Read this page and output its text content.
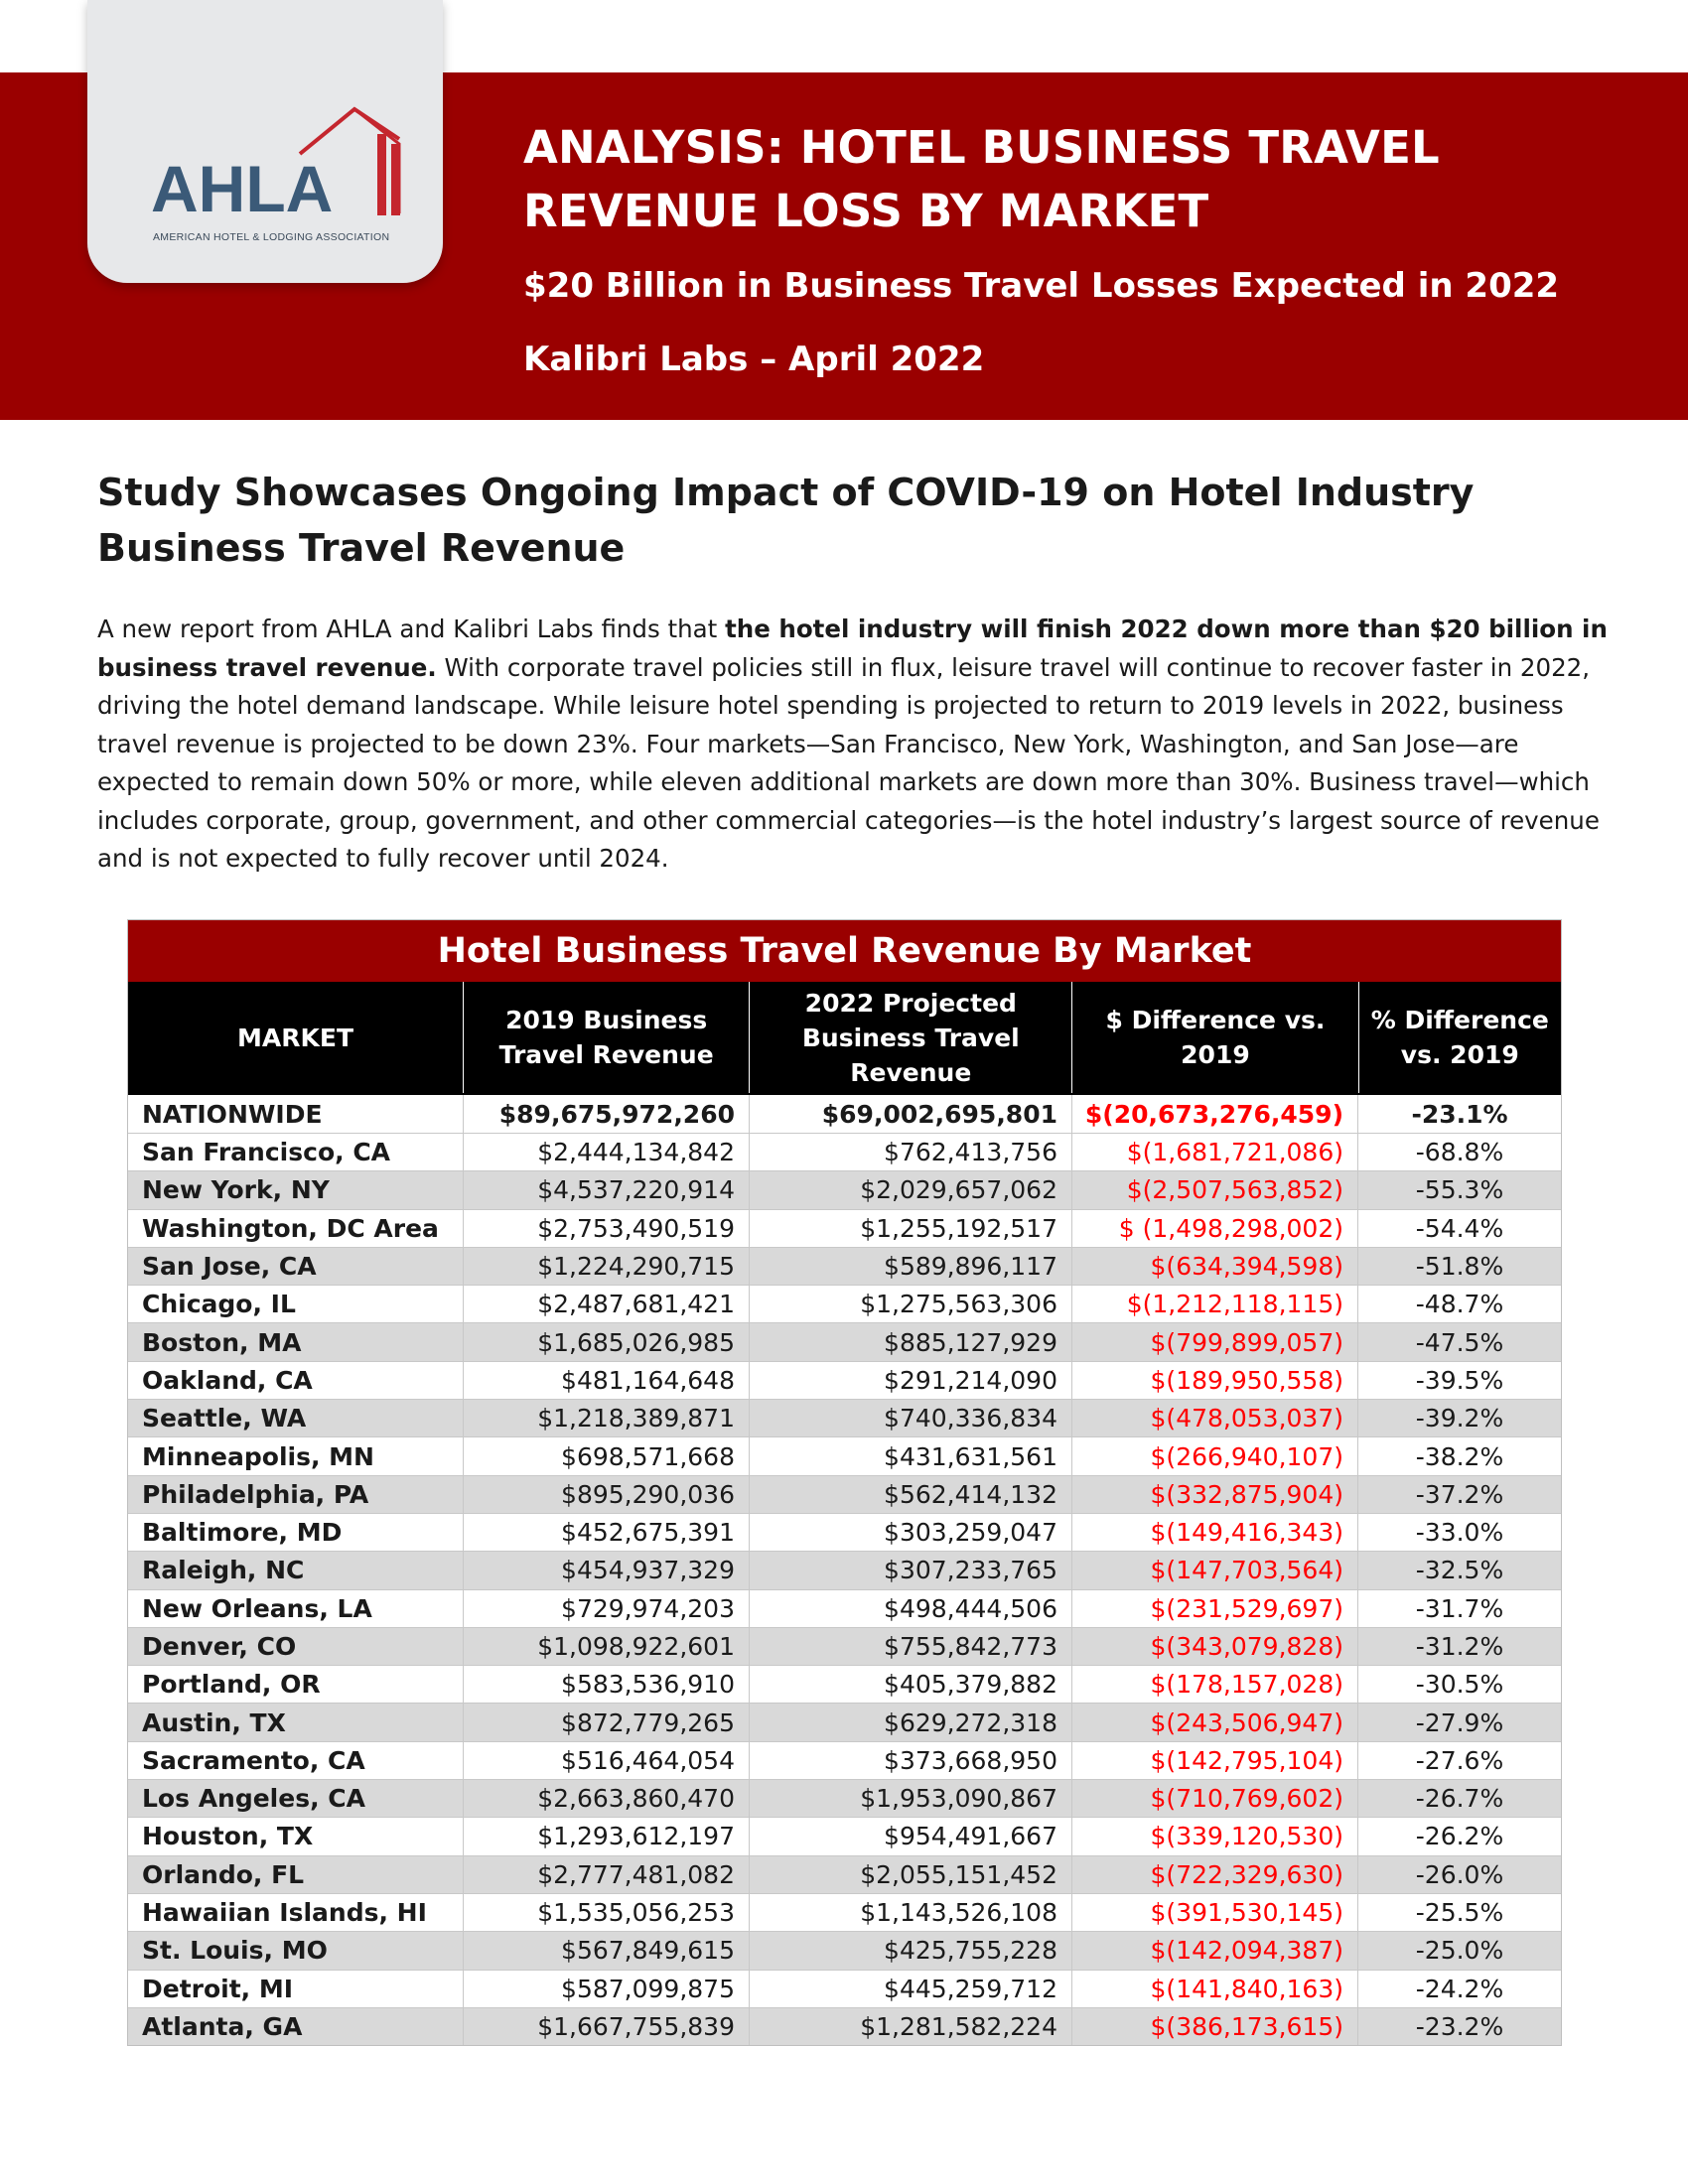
AHLA
AMERICAN HOTEL & LODGING ASSOCIATION
ANALYSIS: HOTEL BUSINESS TRAVEL
REVENUE LOSS BY MARKET
$20 Billion in Business Travel Losses Expected in 2022
Kalibri Labs – April 2022
Study Showcases Ongoing Impact of COVID-19 on Hotel Industry Business Travel Revenue
A new report from AHLA and Kalibri Labs finds that the hotel industry will finish 2022 down more than $20 billion in business travel revenue. With corporate travel policies still in flux, leisure travel will continue to recover faster in 2022, driving the hotel demand landscape. While leisure hotel spending is projected to return to 2019 levels in 2022, business travel revenue is projected to be down 23%. Four markets—San Francisco, New York, Washington, and San Jose—are expected to remain down 50% or more, while eleven additional markets are down more than 30%. Business travel—which includes corporate, group, government, and other commercial categories—is the hotel industry’s largest source of revenue and is not expected to fully recover until 2024.
Hotel Business Travel Revenue By Market
MARKET
2019 Business Travel Revenue
2022 Projected Business Travel Revenue
$ Difference vs. 2019
% Difference vs. 2019
NATIONWIDE	$89,675,972,260	$69,002,695,801	$(20,673,276,459)	-23.1%
San Francisco, CA	$2,444,134,842	$762,413,756	$(1,681,721,086)	-68.8%
New York, NY	$4,537,220,914	$2,029,657,062	$(2,507,563,852)	-55.3%
Washington, DC Area	$2,753,490,519	$1,255,192,517	$ (1,498,298,002)	-54.4%
San Jose, CA	$1,224,290,715	$589,896,117	$(634,394,598)	-51.8%
Chicago, IL	$2,487,681,421	$1,275,563,306	$(1,212,118,115)	-48.7%
Boston, MA	$1,685,026,985	$885,127,929	$(799,899,057)	-47.5%
Oakland, CA	$481,164,648	$291,214,090	$(189,950,558)	-39.5%
Seattle, WA	$1,218,389,871	$740,336,834	$(478,053,037)	-39.2%
Minneapolis, MN	$698,571,668	$431,631,561	$(266,940,107)	-38.2%
Philadelphia, PA	$895,290,036	$562,414,132	$(332,875,904)	-37.2%
Baltimore, MD	$452,675,391	$303,259,047	$(149,416,343)	-33.0%
Raleigh, NC	$454,937,329	$307,233,765	$(147,703,564)	-32.5%
New Orleans, LA	$729,974,203	$498,444,506	$(231,529,697)	-31.7%
Denver, CO	$1,098,922,601	$755,842,773	$(343,079,828)	-31.2%
Portland, OR	$583,536,910	$405,379,882	$(178,157,028)	-30.5%
Austin, TX	$872,779,265	$629,272,318	$(243,506,947)	-27.9%
Sacramento, CA	$516,464,054	$373,668,950	$(142,795,104)	-27.6%
Los Angeles, CA	$2,663,860,470	$1,953,090,867	$(710,769,602)	-26.7%
Houston, TX	$1,293,612,197	$954,491,667	$(339,120,530)	-26.2%
Orlando, FL	$2,777,481,082	$2,055,151,452	$(722,329,630)	-26.0%
Hawaiian Islands, HI	$1,535,056,253	$1,143,526,108	$(391,530,145)	-25.5%
St. Louis, MO	$567,849,615	$425,755,228	$(142,094,387)	-25.0%
Detroit, MI	$587,099,875	$445,259,712	$(141,840,163)	-24.2%
Atlanta, GA	$1,667,755,839	$1,281,582,224	$(386,173,615)	-23.2%
